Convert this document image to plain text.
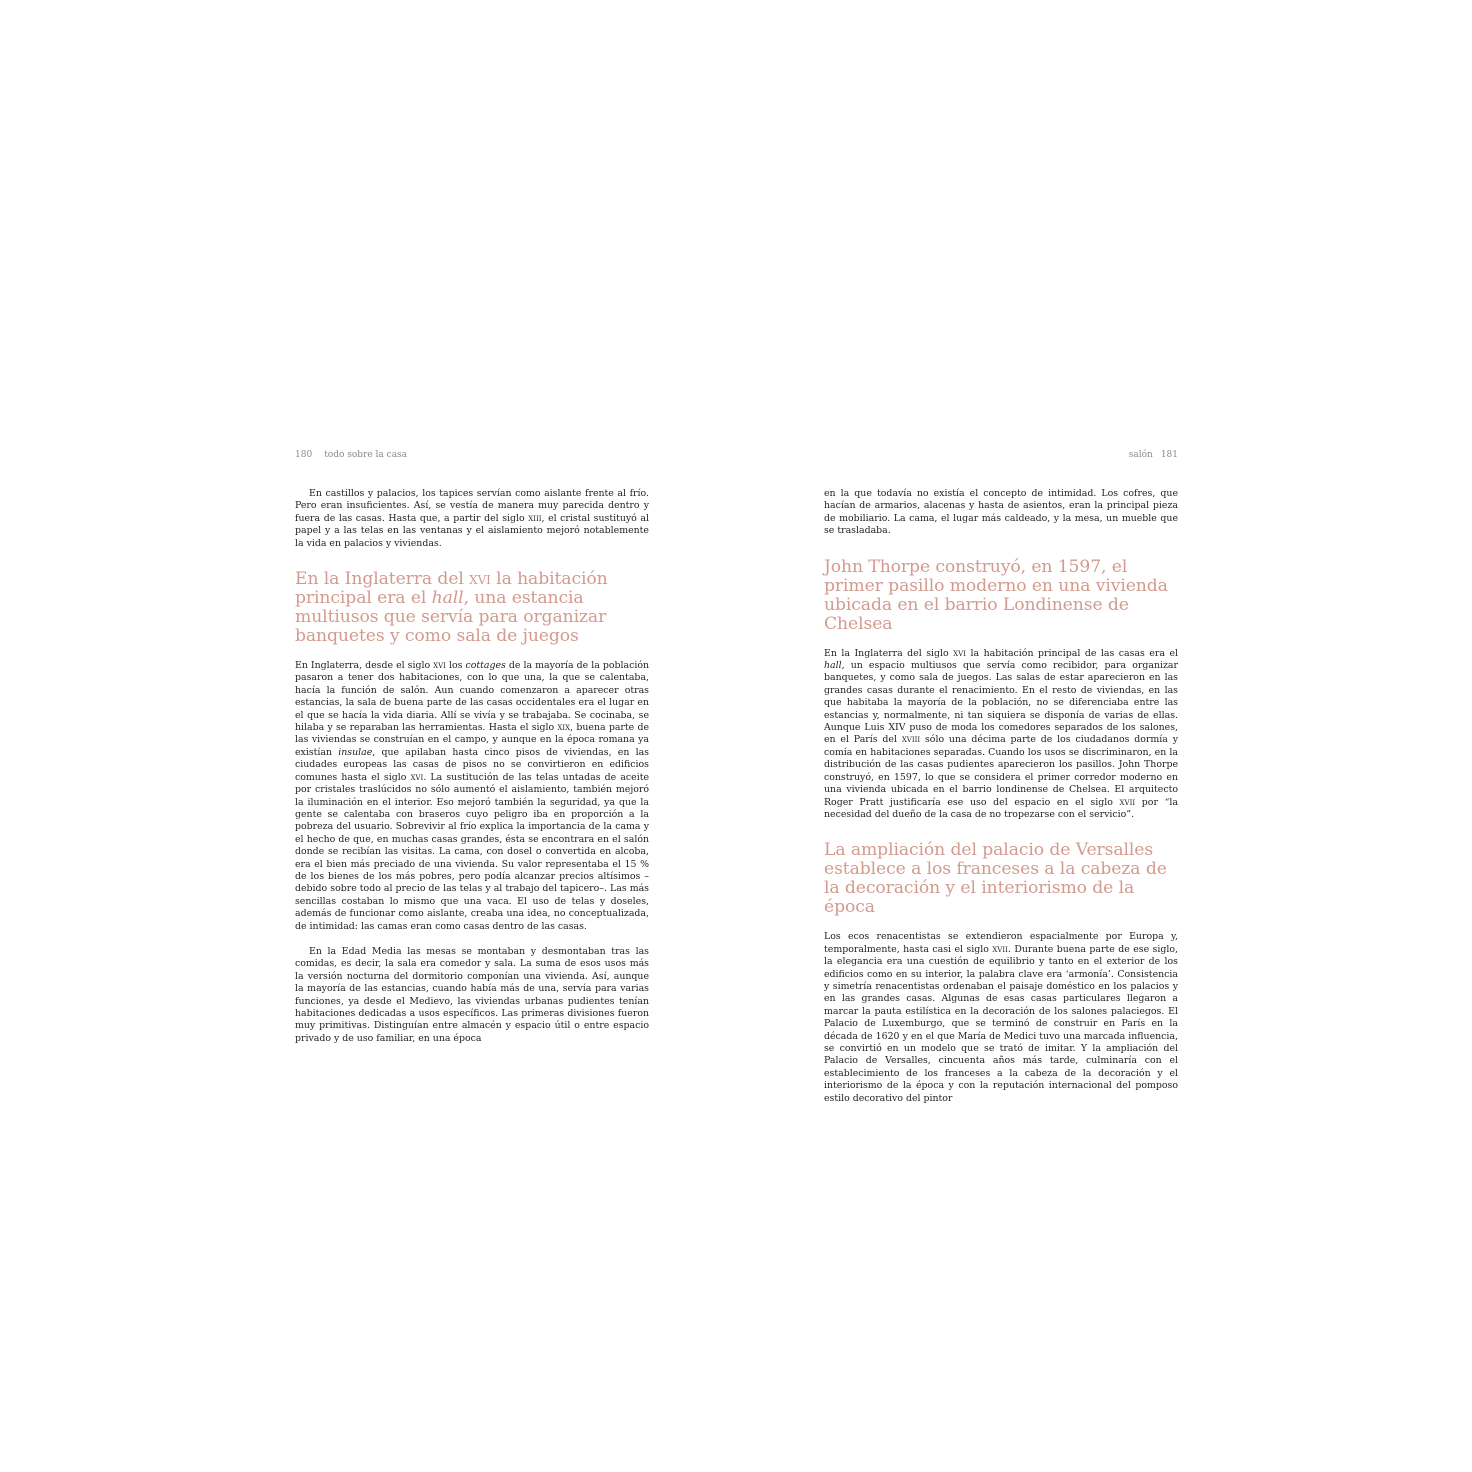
180 todo sobre la casa

En castillos y palacios, los tapices servían como aislante frente al frío. Pero eran insuficientes. Así, se vestía de manera muy parecida dentro y fuera de las casas. Hasta que, a partir del siglo xiii, el cristal sustituyó al papel y a las telas en las ventanas y el aislamiento mejoró notablemente la vida en palacios y viviendas.

En la Inglaterra del xvi la habitación principal era el hall, una estancia multiusos que servía para organizar banquetes y como sala de juegos

En Inglaterra, desde el siglo xvi los cottages de la mayoría de la población pasaron a tener dos habitaciones, con lo que una, la que se calentaba, hacía la función de salón. Aun cuando comenzaron a aparecer otras estancias, la sala de buena parte de las casas occidentales era el lugar en el que se hacía la vida diaria. Allí se vivía y se trabajaba. Se cocinaba, se hilaba y se reparaban las herramientas. Hasta el siglo xix, buena parte de las viviendas se construían en el campo, y aunque en la época romana ya existían insulae, que apilaban hasta cinco pisos de viviendas, en las ciudades europeas las casas de pisos no se convirtieron en edificios comunes hasta el siglo xvi. La sustitución de las telas untadas de aceite por cristales traslúcidos no sólo aumentó el aislamiento, también mejoró la iluminación en el interior. Eso mejoró también la seguridad, ya que la gente se calentaba con braseros cuyo peligro iba en proporción a la pobreza del usuario. Sobrevivir al frío explica la importancia de la cama y el hecho de que, en muchas casas grandes, ésta se encontrara en el salón donde se recibían las visitas. La cama, con dosel o convertida en alcoba, era el bien más preciado de una vivienda. Su valor representaba el 15 % de los bienes de los más pobres, pero podía alcanzar precios altísimos –debido sobre todo al precio de las telas y al trabajo del tapicero–. Las más sencillas costaban lo mismo que una vaca. El uso de telas y doseles, además de funcionar como aislante, creaba una idea, no conceptualizada, de intimidad: las camas eran como casas dentro de las casas.

En la Edad Media las mesas se montaban y desmontaban tras las comidas, es decir, la sala era comedor y sala. La suma de esos usos más la versión nocturna del dormitorio componían una vivienda. Así, aunque la mayoría de las estancias, cuando había más de una, servía para varias funciones, ya desde el Medievo, las viviendas urbanas pudientes tenían habitaciones dedicadas a usos específicos. Las primeras divisiones fueron muy primitivas. Distinguían entre almacén y espacio útil o entre espacio privado y de uso familiar, en una época

salón 181

en la que todavía no existía el concepto de intimidad. Los cofres, que hacían de armarios, alacenas y hasta de asientos, eran la principal pieza de mobiliario. La cama, el lugar más caldeado, y la mesa, un mueble que se trasladaba.

John Thorpe construyó, en 1597, el primer pasillo moderno en una vivienda ubicada en el barrio Londinense de Chelsea

En la Inglaterra del siglo xvi la habitación principal de las casas era el hall, un espacio multiusos que servía como recibidor, para organizar banquetes, y como sala de juegos. Las salas de estar aparecieron en las grandes casas durante el renacimiento. En el resto de viviendas, en las que habitaba la mayoría de la población, no se diferenciaba entre las estancias y, normalmente, ni tan siquiera se disponía de varias de ellas. Aunque Luis XIV puso de moda los comedores separados de los salones, en el París del xviii sólo una décima parte de los ciudadanos dormía y comía en habitaciones separadas. Cuando los usos se discriminaron, en la distribución de las casas pudientes aparecieron los pasillos. John Thorpe construyó, en 1597, lo que se considera el primer corredor moderno en una vivienda ubicada en el barrio londinense de Chelsea. El arquitecto Roger Pratt justificaría ese uso del espacio en el siglo xvii por “la necesidad del dueño de la casa de no tropezarse con el servicio”.

La ampliación del palacio de Versalles establece a los franceses a la cabeza de la decoración y el interiorismo de la época

Los ecos renacentistas se extendieron espacialmente por Europa y, temporalmente, hasta casi el siglo xvii. Durante buena parte de ese siglo, la elegancia era una cuestión de equilibrio y tanto en el exterior de los edificios como en su interior, la palabra clave era ‘armonía’. Consistencia y simetría renacentistas ordenaban el paisaje doméstico en los palacios y en las grandes casas. Algunas de esas casas particulares llegaron a marcar la pauta estilística en la decoración de los salones palaciegos. El Palacio de Luxemburgo, que se terminó de construir en París en la década de 1620 y en el que María de Medici tuvo una marcada influencia, se convirtió en un modelo que se trató de imitar. Y la ampliación del Palacio de Versalles, cincuenta años más tarde, culminaría con el establecimiento de los franceses a la cabeza de la decoración y el interiorismo de la época y con la reputación internacional del pomposo estilo decorativo del pintor
